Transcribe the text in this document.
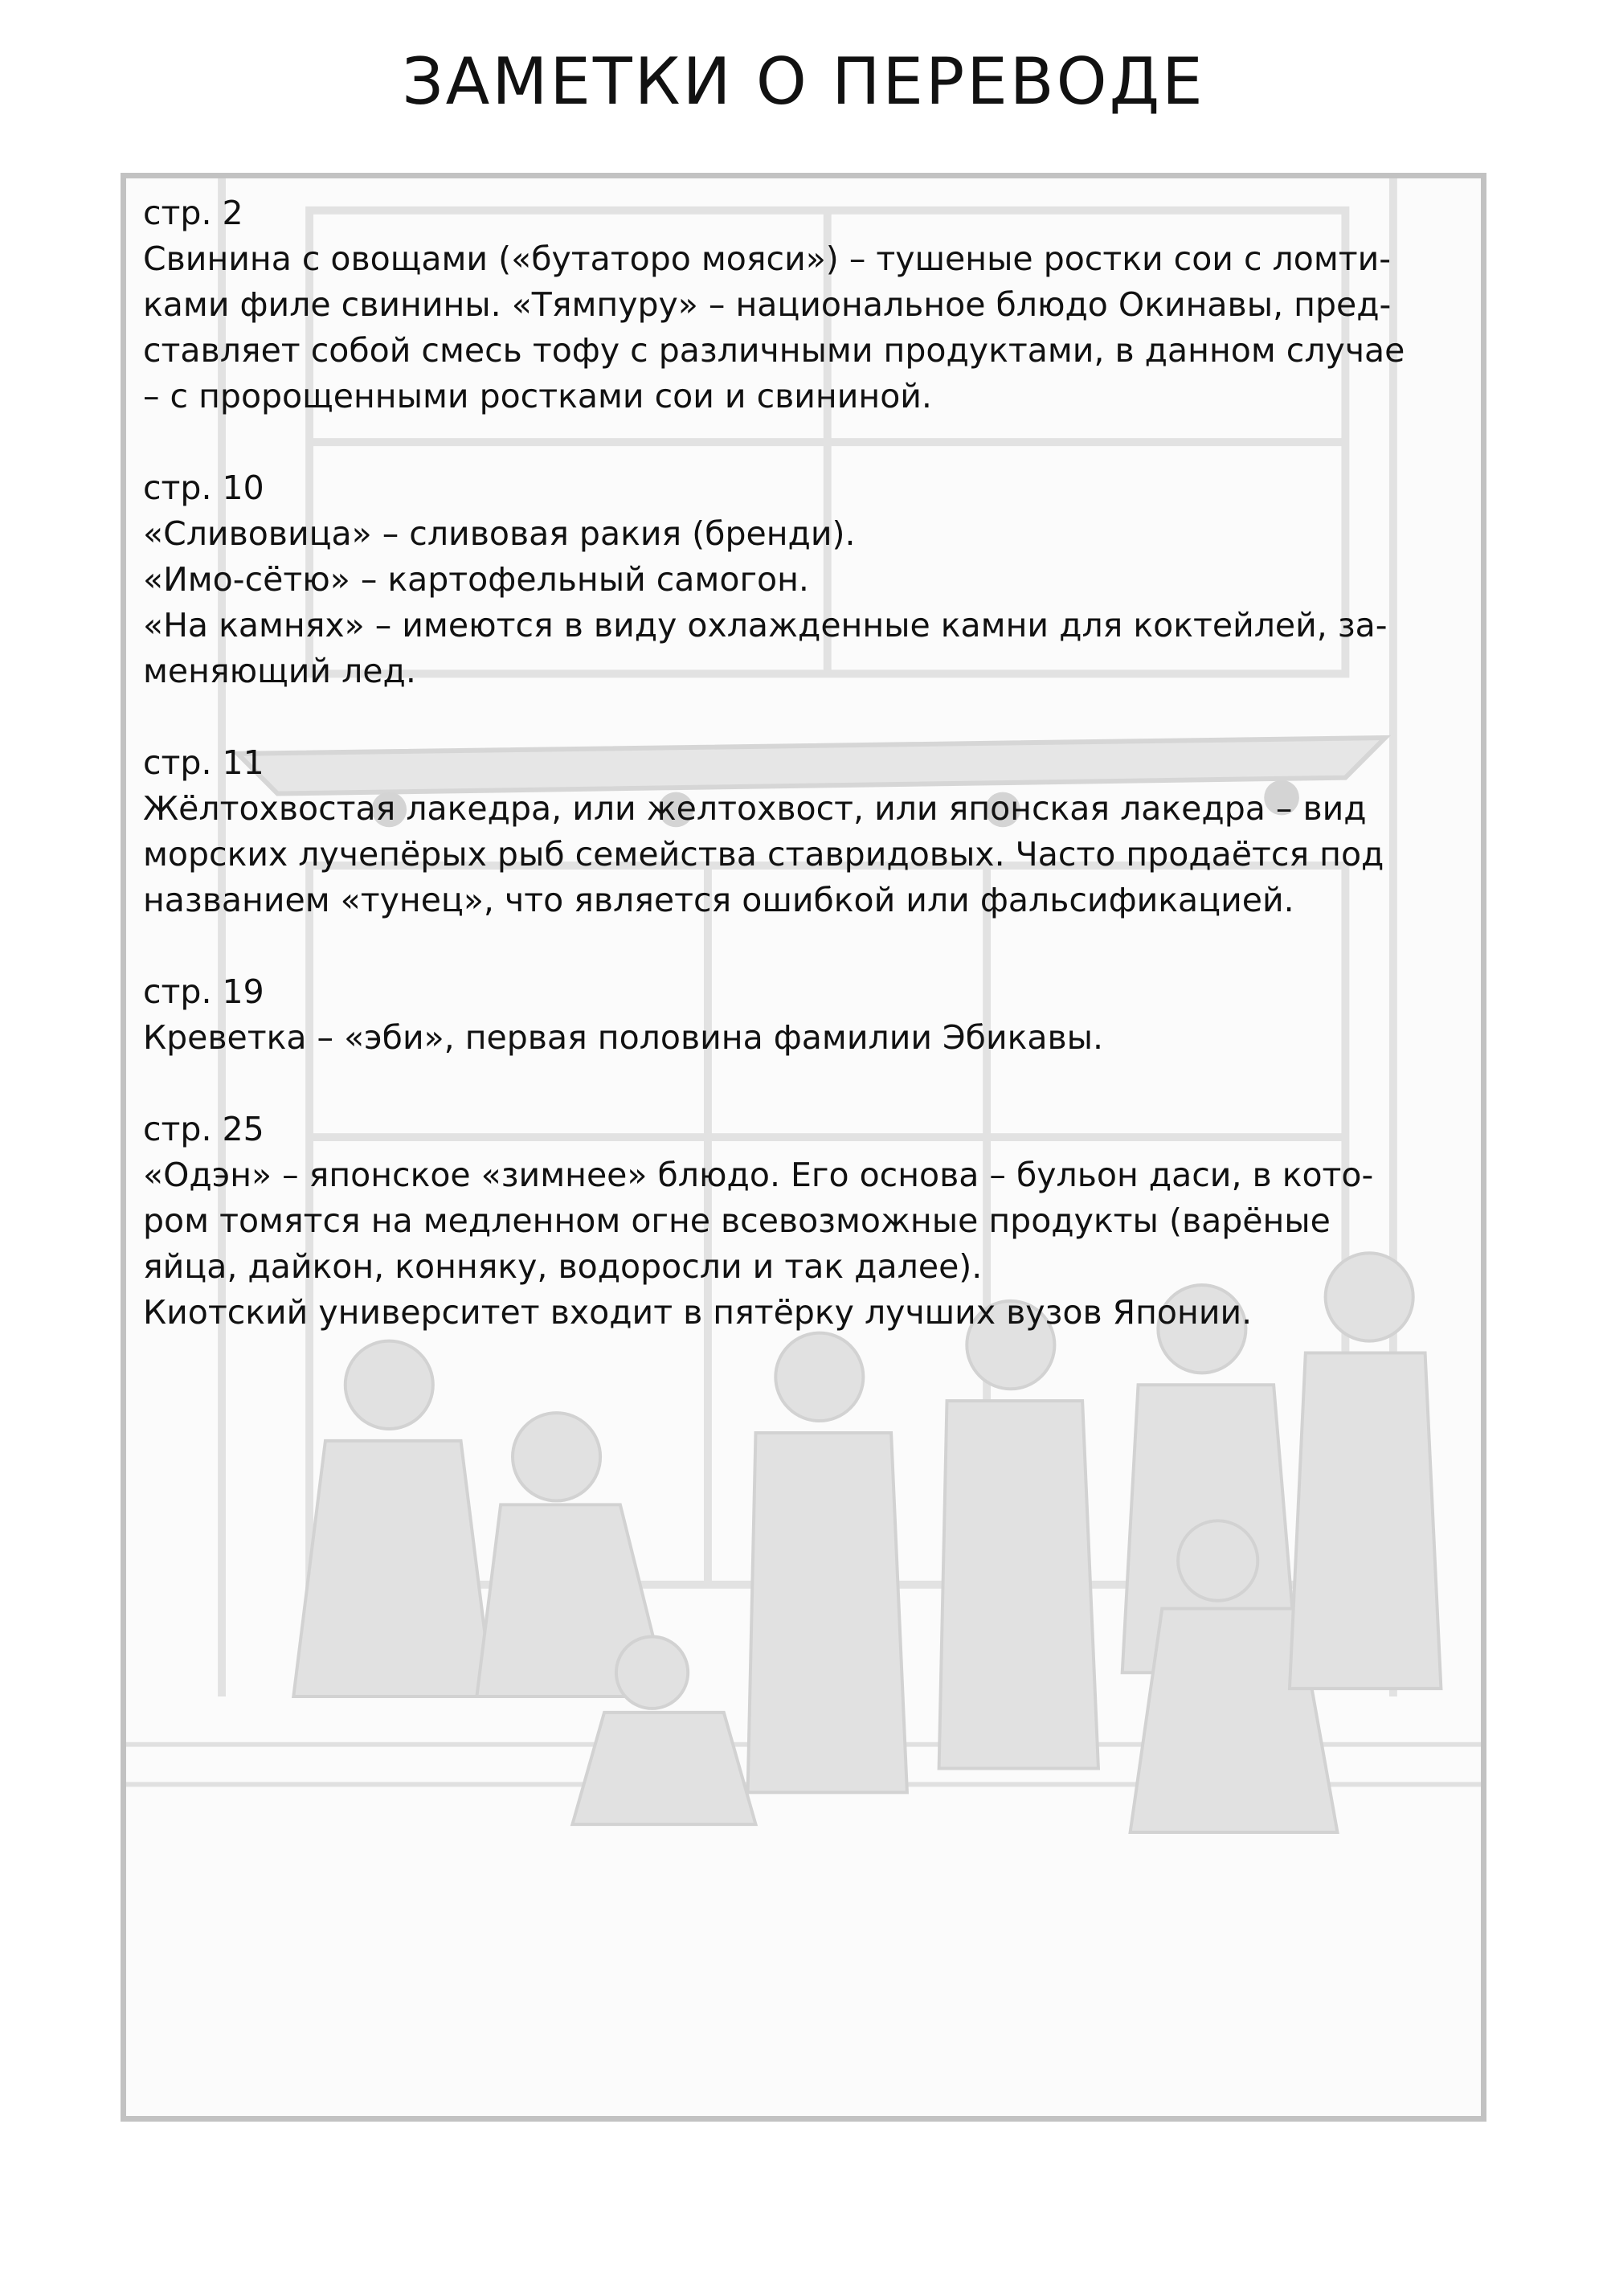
ЗАМЕТКИ О ПЕРЕВОДЕ
стр. 2
Свинина с овощами («бутаторо мояси») – тушеные ростки сои с ломти-
ками филе свинины. «Тямпуру» – национальное блюдо Окинавы, пред-
ставляет собой смесь тофу с различными продуктами, в данном случае
– с пророщенными ростками сои и свининой.
стр. 10
«Сливовица» – сливовая ракия (бренди).
«Имо-сётю» – картофельный самогон.
«На камнях» – имеются в виду охлажденные камни для коктейлей, за-
меняющий лед.
стр. 11
Жёлтохвостая лакедра, или желтохвост, или японская лакедра – вид
морских лучепёрых рыб семейства ставридовых. Часто продаётся под
названием «тунец», что является ошибкой или фальсификацией.
стр. 19
Креветка – «эби», первая половина фамилии Эбикавы.
стр. 25
«Одэн» – японское «зимнее» блюдо. Его основа – бульон даси, в кото-
ром томятся на медленном огне всевозможные продукты (варёные
яйца, дайкон, конняку, водоросли и так далее).
Киотский университет входит в пятёрку лучших вузов Японии.
